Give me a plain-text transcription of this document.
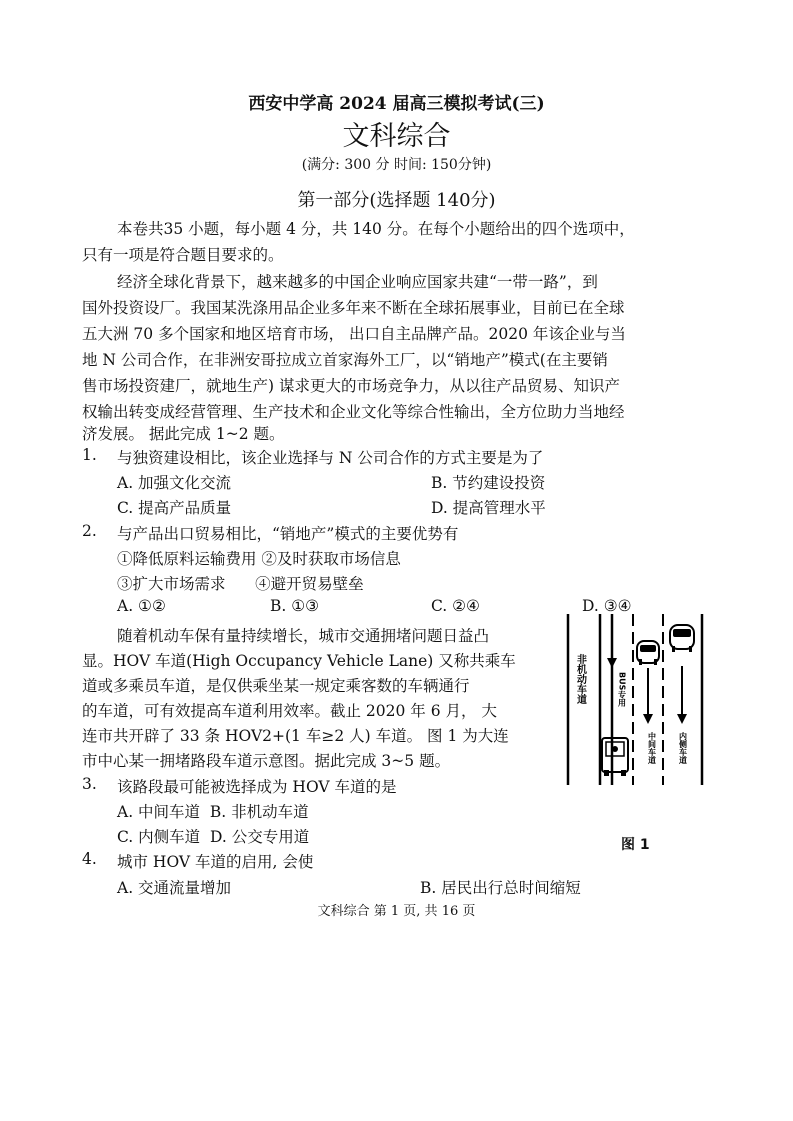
西安中学高 2024 届高三模拟考试(三)
文科综合
(满分: 300 分 时间: 150分钟)
第一部分(选择题 140分)
本卷共35 小题，每小题 4 分，共 140 分。在每个小题给出的四个选项中，
只有一项是符合题目要求的。
经济全球化背景下，越来越多的中国企业响应国家共建“一带一路”，到
国外投资设厂。我国某洗涤用品企业多年来不断在全球拓展事业，目前已在全球
五大洲 70 多个国家和地区培育市场， 出口自主品牌产品。2020 年该企业与当
地 N 公司合作，在非洲安哥拉成立首家海外工厂，以“销地产”模式(在主要销
售市场投资建厂，就地生产) 谋求更大的市场竞争力，从以往产品贸易、知识产
权输出转变成经营管理、生产技术和企业文化等综合性输出，全方位助力当地经
济发展。 据此完成 1~2 题。
1. 与独资建设相比，该企业选择与 N 公司合作的方式主要是为了
A. 加强文化交流	B. 节约建设投资
C. 提高产品质量	D. 提高管理水平
2. 与产品出口贸易相比，“销地产”模式的主要优势有
①降低原料运输费用 ②及时获取市场信息
③扩大市场需求      ④避开贸易壁垒
A. ①②	B. ①③	C. ②④	D. ③④
随着机动车保有量持续增长，城市交通拥堵问题日益凸
显。HOV 车道(High Occupancy Vehicle Lane) 又称共乘车
道或多乘员车道，是仅供乘坐某一规定乘客数的车辆通行
的车道，可有效提高车道利用效率。截止 2020 年 6 月， 大
连市共开辟了 33 条 HOV2+(1 车≥2 人) 车道。 图 1 为大连
市中心某一拥堵路段车道示意图。据此完成 3~5 题。
3. 该路段最可能被选择成为 HOV 车道的是
A. 中间车道  B. 非机动车道
C. 内侧车道  D. 公交专用道
4. 城市 HOV 车道的启用, 会使
A. 交通流量增加	B. 居民出行总时间缩短
非机动车道	BUS专用
中间车道	内侧车道
图 1
文科综合 第 1 页, 共 16 页
